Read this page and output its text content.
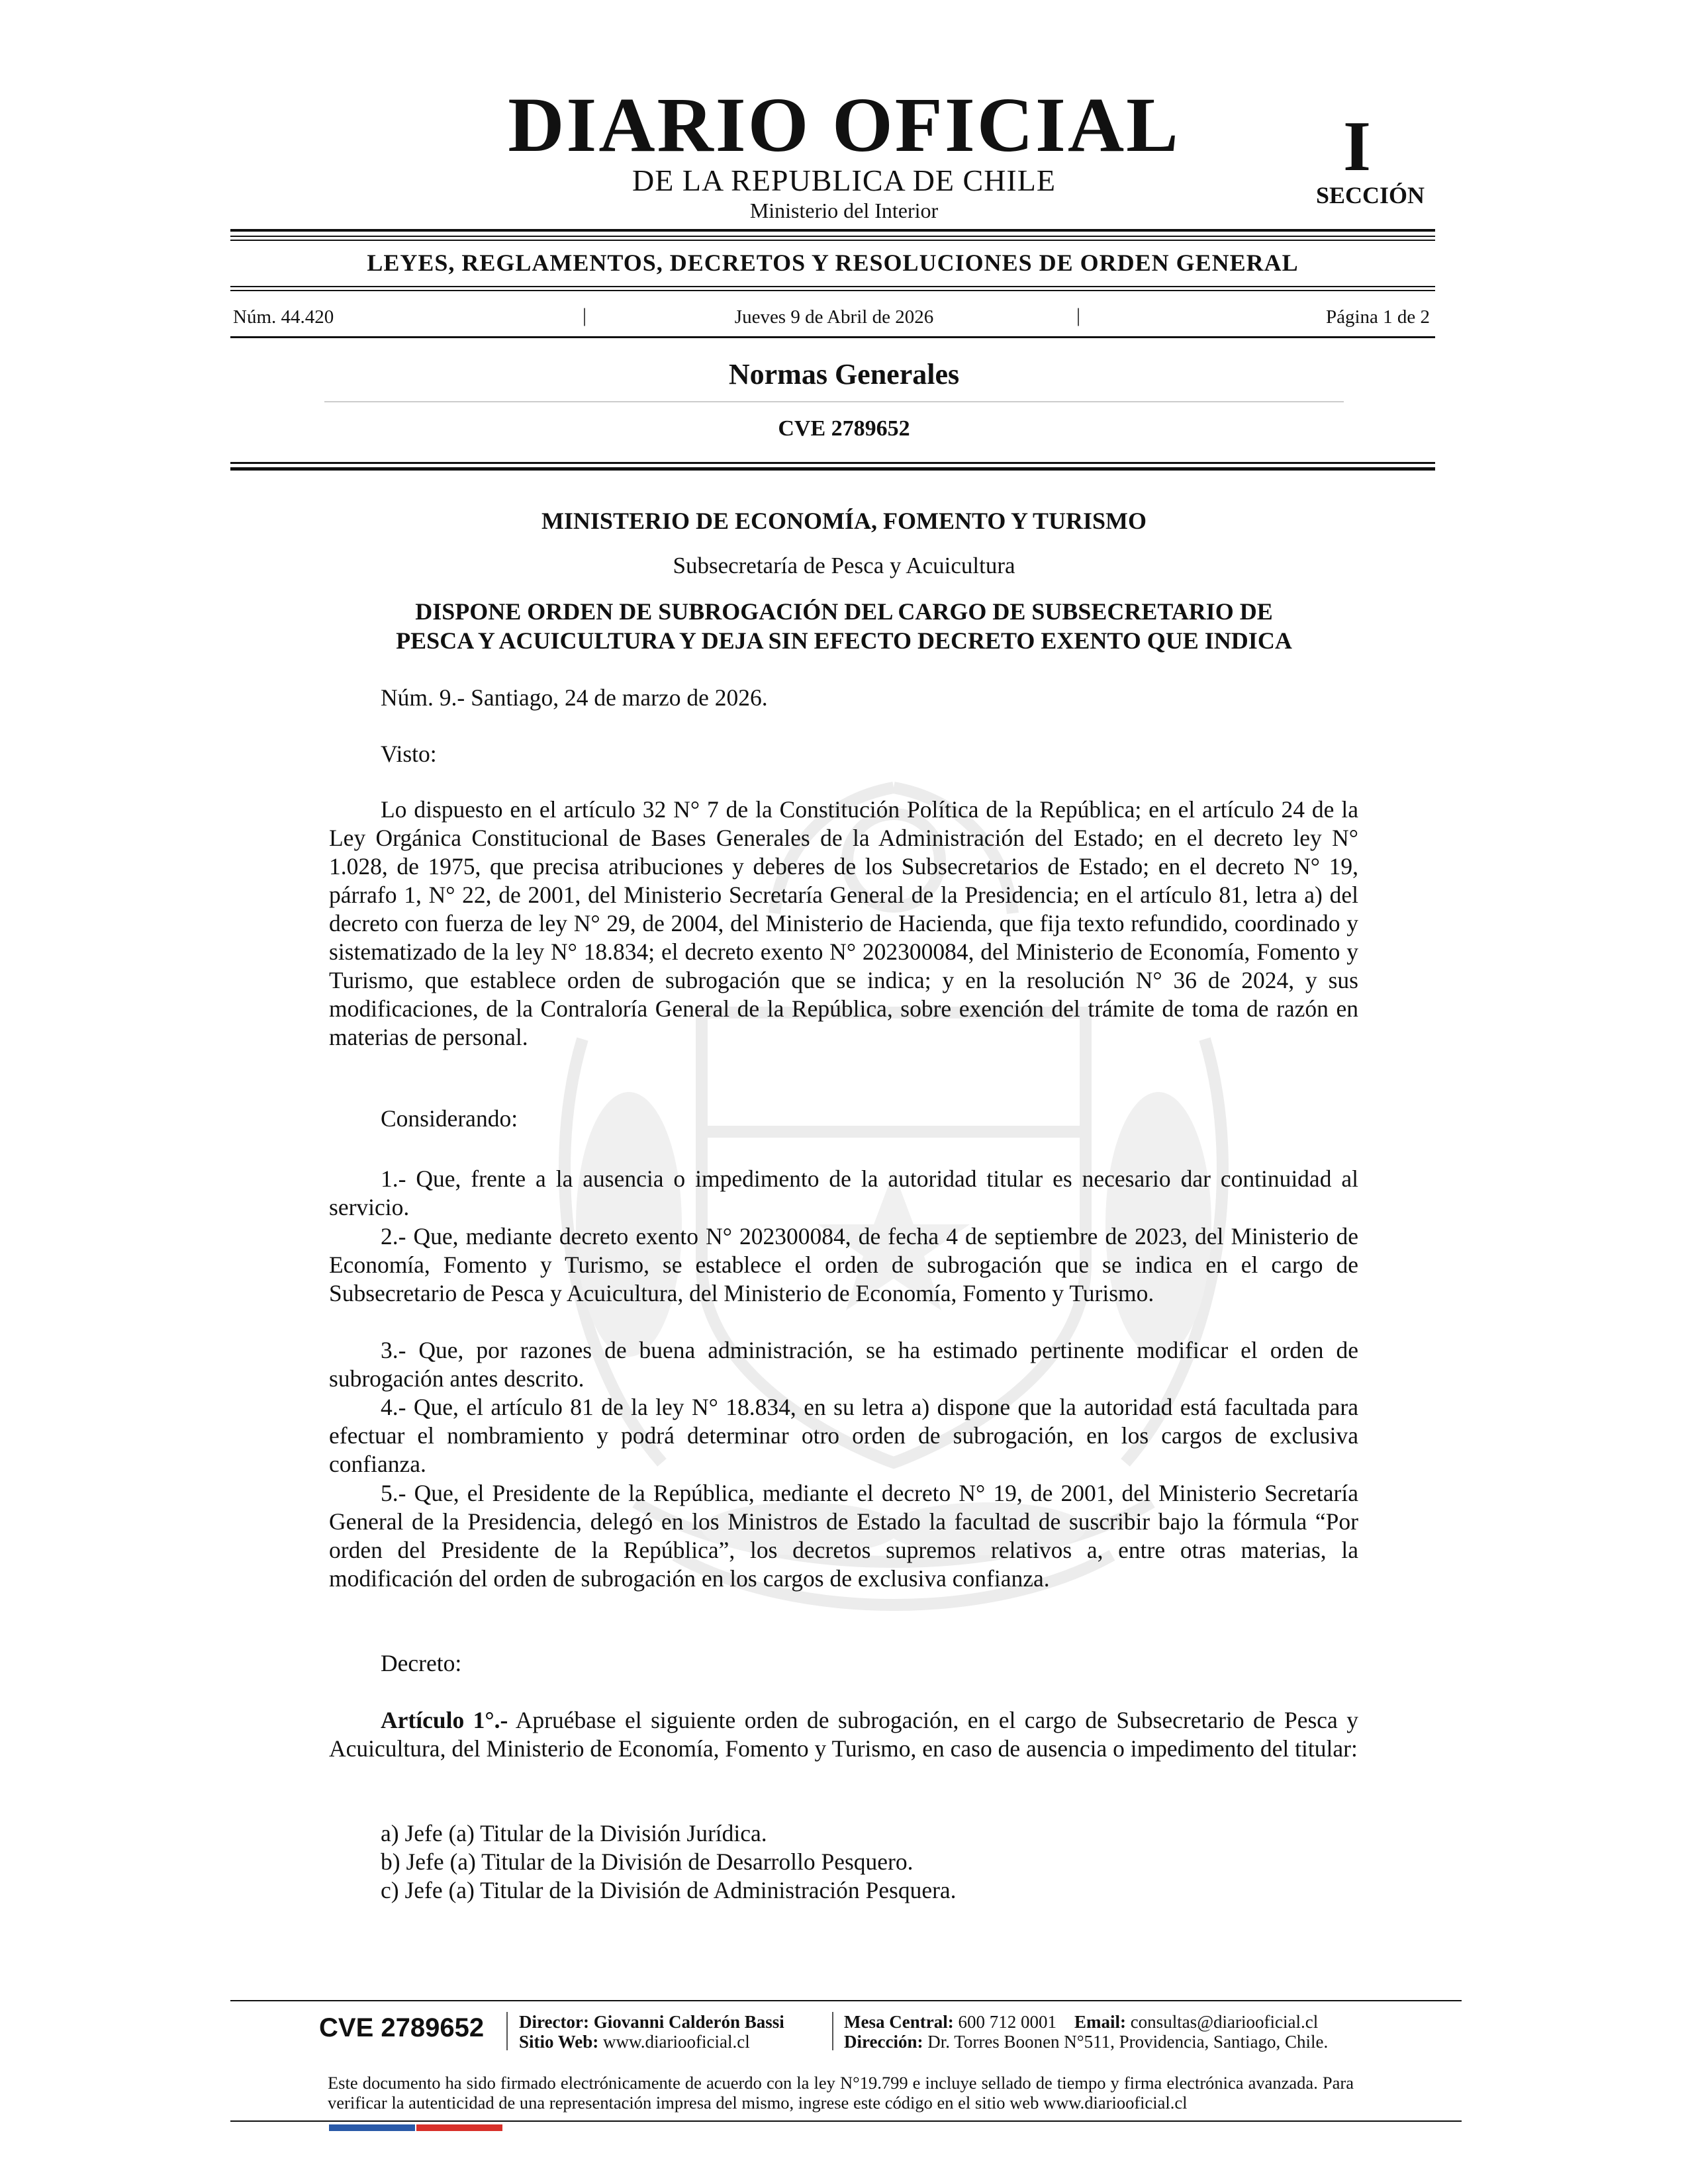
DIARIO OFICIAL
DE LA REPUBLICA DE CHILE
Ministerio del Interior
I
SECCIÓN
LEYES, REGLAMENTOS, DECRETOS Y RESOLUCIONES DE ORDEN GENERAL
Núm. 44.420	|	Jueves 9 de Abril de 2026	|	Página 1 de 2
Normas Generales
CVE 2789652
MINISTERIO DE ECONOMÍA, FOMENTO Y TURISMO
Subsecretaría de Pesca y Acuicultura
DISPONE ORDEN DE SUBROGACIÓN DEL CARGO DE SUBSECRETARIO DE
PESCA Y ACUICULTURA Y DEJA SIN EFECTO DECRETO EXENTO QUE INDICA
Núm. 9.- Santiago, 24 de marzo de 2026.
Visto:
Lo dispuesto en el artículo 32 N° 7 de la Constitución Política de la República; en el artículo 24 de la Ley Orgánica Constitucional de Bases Generales de la Administración del Estado; en el decreto ley N° 1.028, de 1975, que precisa atribuciones y deberes de los Subsecretarios de Estado; en el decreto N° 19, párrafo 1, N° 22, de 2001, del Ministerio Secretaría General de la Presidencia; en el artículo 81, letra a) del decreto con fuerza de ley N° 29, de 2004, del Ministerio de Hacienda, que fija texto refundido, coordinado y sistematizado de la ley N° 18.834; el decreto exento N° 202300084, del Ministerio de Economía, Fomento y Turismo, que establece orden de subrogación que se indica; y en la resolución N° 36 de 2024, y sus modificaciones, de la Contraloría General de la República, sobre exención del trámite de toma de razón en materias de personal.
Considerando:
1.- Que, frente a la ausencia o impedimento de la autoridad titular es necesario dar continuidad al servicio.
2.- Que, mediante decreto exento N° 202300084, de fecha 4 de septiembre de 2023, del Ministerio de Economía, Fomento y Turismo, se establece el orden de subrogación que se indica en el cargo de Subsecretario de Pesca y Acuicultura, del Ministerio de Economía, Fomento y Turismo.
3.- Que, por razones de buena administración, se ha estimado pertinente modificar el orden de subrogación antes descrito.
4.- Que, el artículo 81 de la ley N° 18.834, en su letra a) dispone que la autoridad está facultada para efectuar el nombramiento y podrá determinar otro orden de subrogación, en los cargos de exclusiva confianza.
5.- Que, el Presidente de la República, mediante el decreto N° 19, de 2001, del Ministerio Secretaría General de la Presidencia, delegó en los Ministros de Estado la facultad de suscribir bajo la fórmula “Por orden del Presidente de la República”, los decretos supremos relativos a, entre otras materias, la modificación del orden de subrogación en los cargos de exclusiva confianza.
Decreto:
Artículo 1°.- Apruébase el siguiente orden de subrogación, en el cargo de Subsecretario de Pesca y Acuicultura, del Ministerio de Economía, Fomento y Turismo, en caso de ausencia o impedimento del titular:
a) Jefe (a) Titular de la División Jurídica.
b) Jefe (a) Titular de la División de Desarrollo Pesquero.
c) Jefe (a) Titular de la División de Administración Pesquera.
CVE 2789652 Director: Giovanni Calderón Bassi
Sitio Web: www.diariooficial.cl
Mesa Central: 600 712 0001 Email: consultas@diariooficial.cl
Dirección: Dr. Torres Boonen N°511, Providencia, Santiago, Chile.
Este documento ha sido firmado electrónicamente de acuerdo con la ley N°19.799 e incluye sellado de tiempo y firma electrónica avanzada. Para verificar la autenticidad de una representación impresa del mismo, ingrese este código en el sitio web www.diariooficial.cl
